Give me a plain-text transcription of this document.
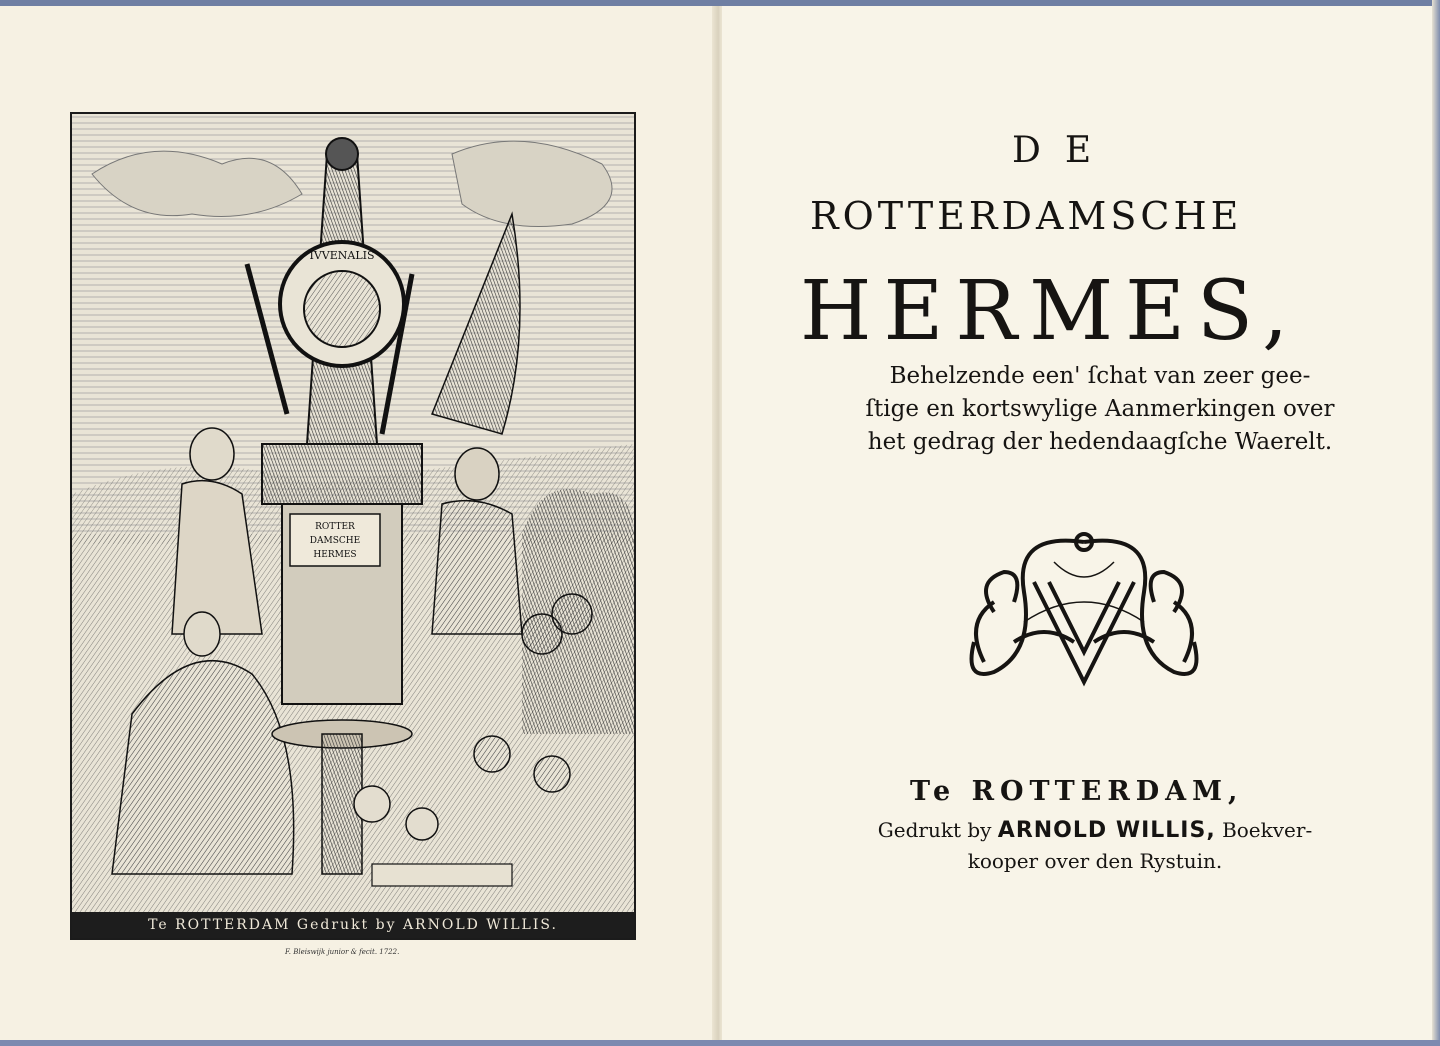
IVVENALIS
ROTTER
DAMSCHE
HERMES
Te ROTTERDAM Gedrukt by ARNOLD WILLIS.
F. Bleiswijk junior & fecit. 1722.
DE
ROTTERDAMSCHE
HERMES,
Behelzende een' ſchat van zeer gee-
ſtige en kortswylige Aanmerkingen over
het gedrag der hedendaagſche Waerelt.
Te ROTTERDAM,
Gedrukt by ARNOLD WILLIS, Boekver-
kooper over den Rystuin.
